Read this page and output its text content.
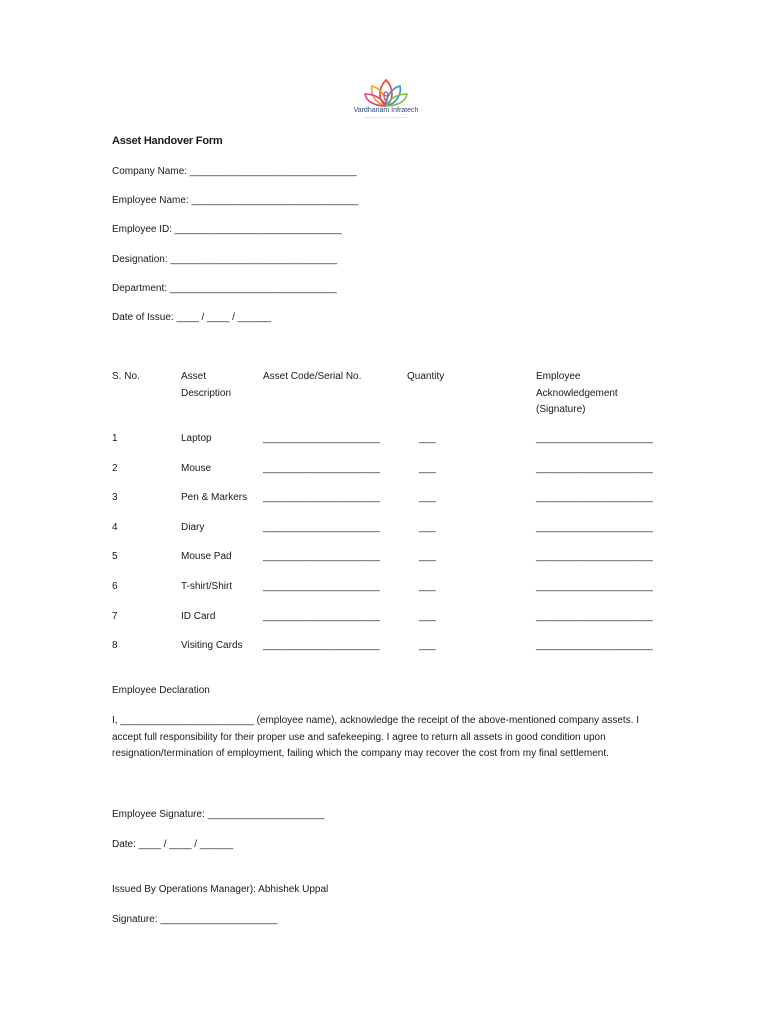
Vardhanam Infratech
— — — — — — — — — —
Asset Handover Form
Company Name: ______________________________
Employee Name: ______________________________
Employee ID: ______________________________
Designation: ______________________________
Department: ______________________________
Date of Issue: ____ / ____ / ______
S. No.	Asset
Description
Asset Code/Serial No.	Quantity	Employee
Acknowledgement
(Signature)
1	Laptop	_____________________	___	_____________________
2	Mouse	_____________________	___	_____________________
3	Pen & Markers _____________________	___	_____________________
4	Diary	_____________________	___	_____________________
5	Mouse Pad	_____________________	___	_____________________
6	T-shirt/Shirt	_____________________	___	_____________________
7	ID Card	_____________________	___	_____________________
8	Visiting Cards _____________________	___	_____________________
Employee Declaration
I, ________________________ (employee name), acknowledge the receipt of the above-mentioned company assets. I accept full responsibility for their proper use and safekeeping. I agree to return all assets in good condition upon resignation/termination of employment, failing which the company may recover the cost from my final settlement.
Employee Signature: _____________________
Date: ____ / ____ / ______
Issued By Operations Manager): Abhishek Uppal
Signature: _____________________
